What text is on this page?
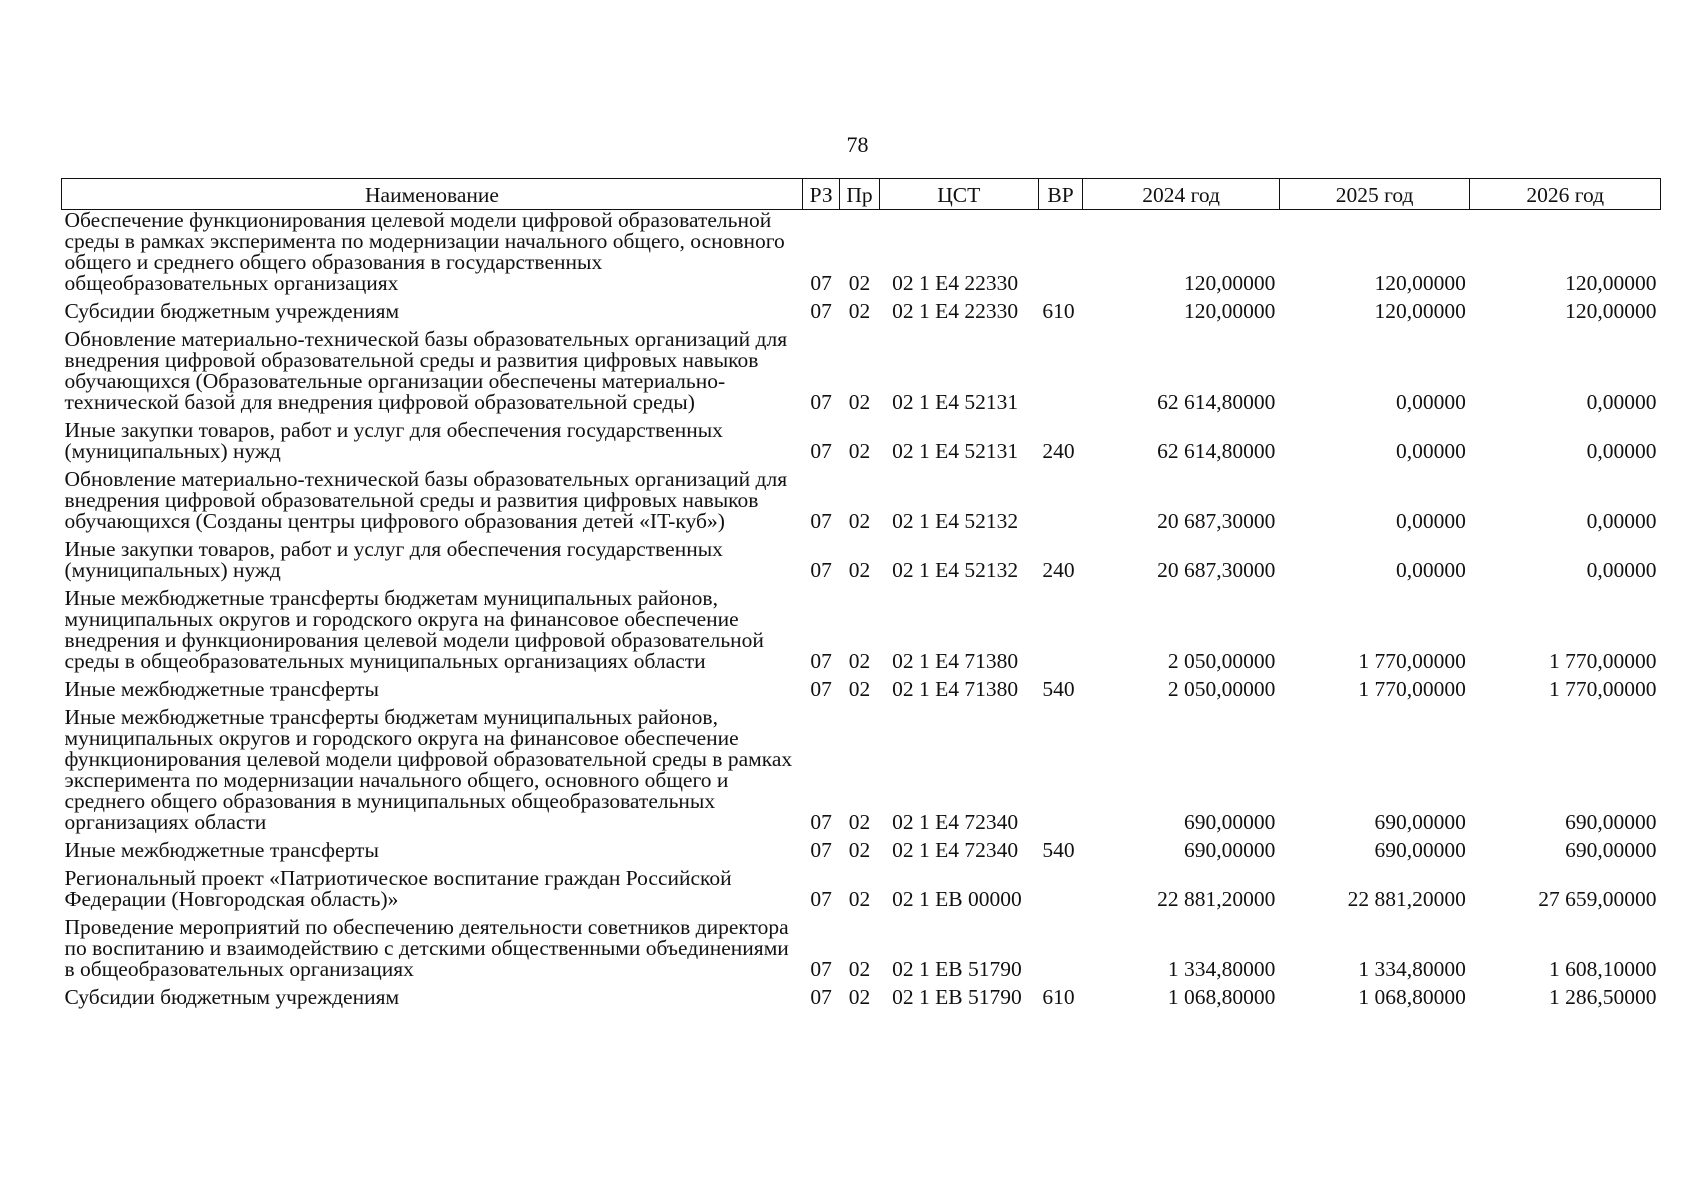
78
Наименование	РЗ	Пр	ЦСТ	ВР	2024 год	2025 год	2026 год
Обеспечение функционирования целевой модели цифровой образовательной среды в рамках эксперимента по модернизации начального общего, основного общего и среднего общего образования в государственных общеобразовательных организациях	07	02	02 1 Е4 22330		120,00000	120,00000	120,00000
Субсидии бюджетным учреждениям	07	02	02 1 Е4 22330	610	120,00000	120,00000	120,00000
Обновление материально-технической базы образовательных организаций для внедрения цифровой образовательной среды и развития цифровых навыков обучающихся (Образовательные организации обеспечены материально-технической базой для внедрения цифровой образовательной среды)	07	02	02 1 Е4 52131		62 614,80000	0,00000	0,00000
Иные закупки товаров, работ и услуг для обеспечения государственных (муниципальных) нужд	07	02	02 1 Е4 52131	240	62 614,80000	0,00000	0,00000
Обновление материально-технической базы образовательных организаций для внедрения цифровой образовательной среды и развития цифровых навыков обучающихся (Созданы центры цифрового образования детей «IT-куб»)	07	02	02 1 Е4 52132		20 687,30000	0,00000	0,00000
Иные закупки товаров, работ и услуг для обеспечения государственных (муниципальных) нужд	07	02	02 1 Е4 52132	240	20 687,30000	0,00000	0,00000
Иные межбюджетные трансферты бюджетам муниципальных районов, муниципальных округов и городского округа на финансовое обеспечение внедрения и функционирования целевой модели цифровой образовательной среды в общеобразовательных муниципальных организациях области	07	02	02 1 Е4 71380		2 050,00000	1 770,00000	1 770,00000
Иные межбюджетные трансферты	07	02	02 1 Е4 71380	540	2 050,00000	1 770,00000	1 770,00000
Иные межбюджетные трансферты бюджетам муниципальных районов, муниципальных округов и городского округа на финансовое обеспечение функционирования целевой модели цифровой образовательной среды в рамках эксперимента по модернизации начального общего, основного общего и среднего общего образования в муниципальных общеобразовательных организациях области	07	02	02 1 Е4 72340		690,00000	690,00000	690,00000
Иные межбюджетные трансферты	07	02	02 1 Е4 72340	540	690,00000	690,00000	690,00000
Региональный проект «Патриотическое воспитание граждан Российской Федерации (Новгородская область)»	07	02	02 1 ЕВ 00000		22 881,20000	22 881,20000	27 659,00000
Проведение мероприятий по обеспечению деятельности советников директора по воспитанию и взаимодействию с детскими общественными объединениями в общеобразовательных организациях	07	02	02 1 ЕВ 51790		1 334,80000	1 334,80000	1 608,10000
Субсидии бюджетным учреждениям	07	02	02 1 ЕВ 51790	610	1 068,80000	1 068,80000	1 286,50000
